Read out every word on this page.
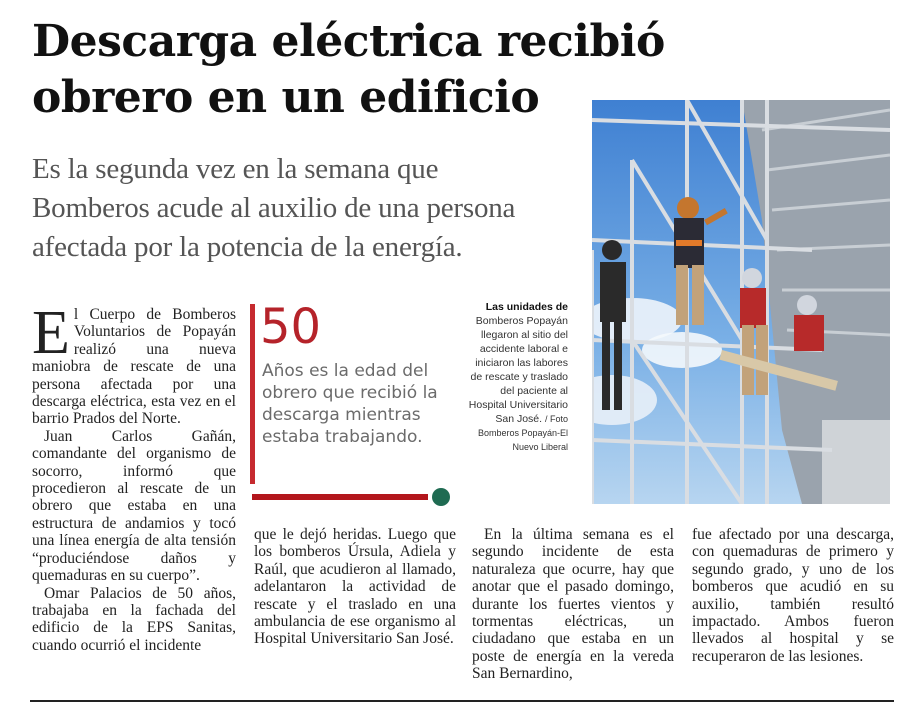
Descarga eléctrica recibió
obrero en un edificio
Es la segunda vez en la semana que
Bomberos acude al auxilio de una persona
afectada por la potencia de la energía.

El Cuerpo de Bomberos Voluntarios de Popayán realizó una nueva maniobra de rescate de una persona afectada por una descarga eléctrica, esta vez en el barrio Prados del Norte.

Juan Carlos Gañán, comandante del organismo de socorro, informó que procedieron al rescate de un obrero que estaba en una estructura de andamios y tocó una línea energía de alta tensión “produciéndose daños y quemaduras en su cuerpo”.

Omar Palacios de 50 años, trabajaba en la fachada del edificio de la EPS Sanitas, cuando ocurrió el incidente

50
Años es la edad del obrero que recibió la descarga mientras estaba trabajando.
Las unidades de Bomberos Popayán llegaron al sitio del accidente laboral e iniciaron las labores de rescate y traslado del paciente al Hospital Universitario San José. / Foto Bomberos Popayán-El Nuevo Liberal

que le dejó heridas. Luego que los bomberos Úrsula, Adiela y Raúl, que acudieron al llamado, adelantaron la actividad de rescate y el traslado en una ambulancia de ese organismo al Hospital Universitario San José.

En la última semana es el segundo incidente de esta naturaleza que ocurre, hay que anotar que el pasado domingo, durante los fuertes vientos y tormentas eléctricas, un ciudadano que estaba en un poste de energía en la vereda San Bernardino,

fue afectado por una descarga, con quemaduras de primero y segundo grado, y uno de los bomberos que acudió en su auxilio, también resultó impactado. Ambos fueron llevados al hospital y se recuperaron de las lesiones.
